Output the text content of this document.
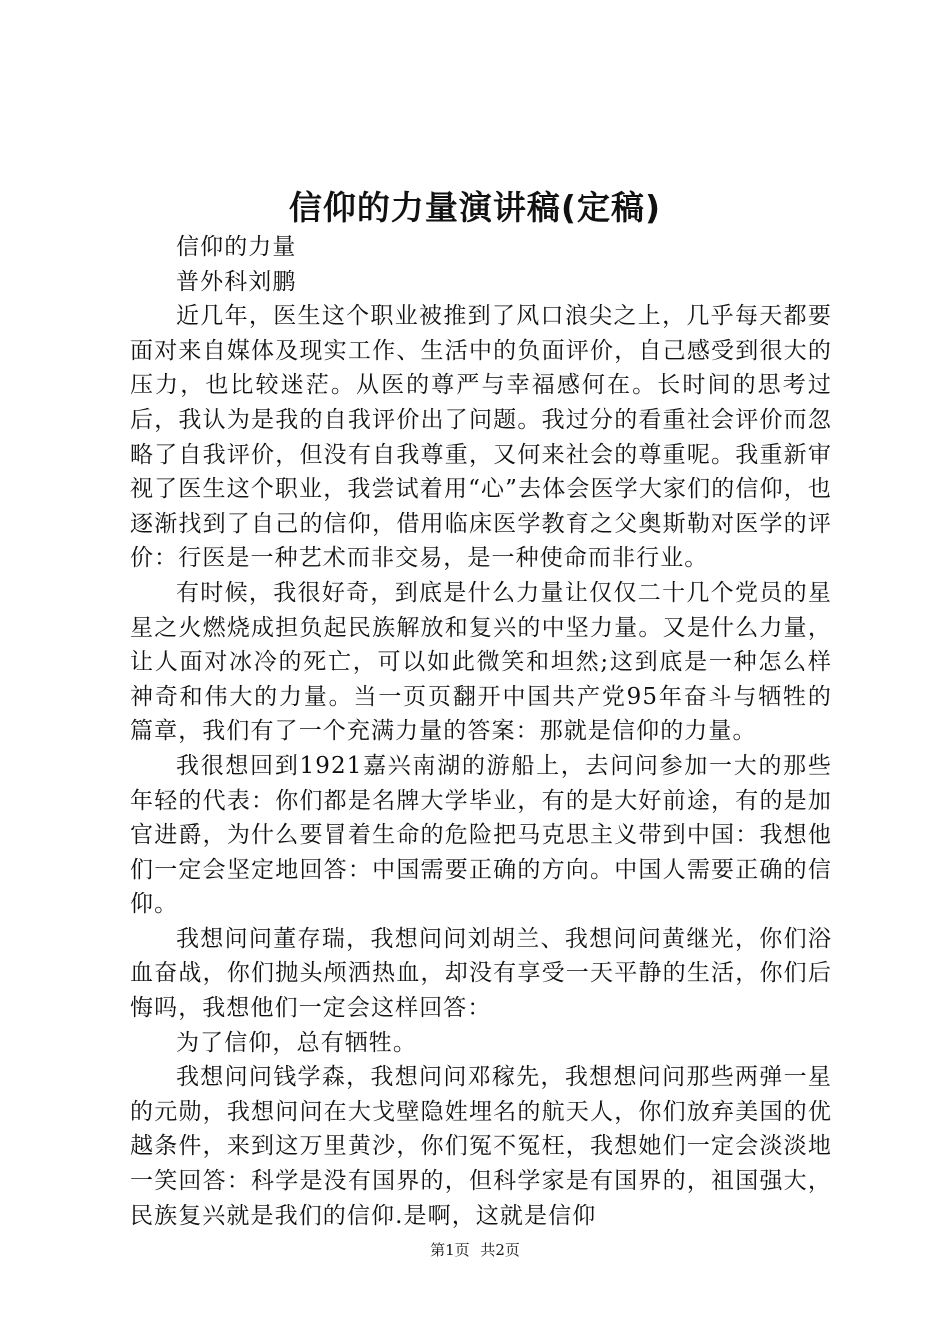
信仰的力量演讲稿(定稿)

信仰的力量

普外科刘鹏

近几年，医生这个职业被推到了风口浪尖之上，几乎每天都要面对来自媒体及现实工作、生活中的负面评价，自己感受到很大的压力，也比较迷茫。从医的尊严与幸福感何在。长时间的思考过后，我认为是我的自我评价出了问题。我过分的看重社会评价而忽略了自我评价，但没有自我尊重，又何来社会的尊重呢。我重新审视了医生这个职业，我尝试着用“心”去体会医学大家们的信仰，也逐渐找到了自己的信仰，借用临床医学教育之父奥斯勒对医学的评价：行医是一种艺术而非交易，是一种使命而非行业。

有时候，我很好奇，到底是什么力量让仅仅二十几个党员的星星之火燃烧成担负起民族解放和复兴的中坚力量。又是什么力量，让人面对冰冷的死亡，可以如此微笑和坦然;这到底是一种怎么样神奇和伟大的力量。当一页页翻开中国共产党95年奋斗与牺牲的篇章，我们有了一个充满力量的答案：那就是信仰的力量。

我很想回到1921嘉兴南湖的游船上，去问问参加一大的那些年轻的代表：你们都是名牌大学毕业，有的是大好前途，有的是加官进爵，为什么要冒着生命的危险把马克思主义带到中国：我想他们一定会坚定地回答：中国需要正确的方向。中国人需要正确的信仰。

我想问问董存瑞，我想问问刘胡兰、我想问问黄继光，你们浴血奋战，你们抛头颅洒热血，却没有享受一天平静的生活，你们后悔吗，我想他们一定会这样回答：

为了信仰，总有牺牲。

我想问问钱学森，我想问问邓稼先，我想想问问那些两弹一星的元勋，我想问问在大戈壁隐姓埋名的航天人，你们放弃美国的优越条件，来到这万里黄沙，你们冤不冤枉，我想她们一定会淡淡地一笑回答：科学是没有国界的，但科学家是有国界的，祖国强大，民族复兴就是我们的信仰.是啊，这就是信仰

第1页 共2页
